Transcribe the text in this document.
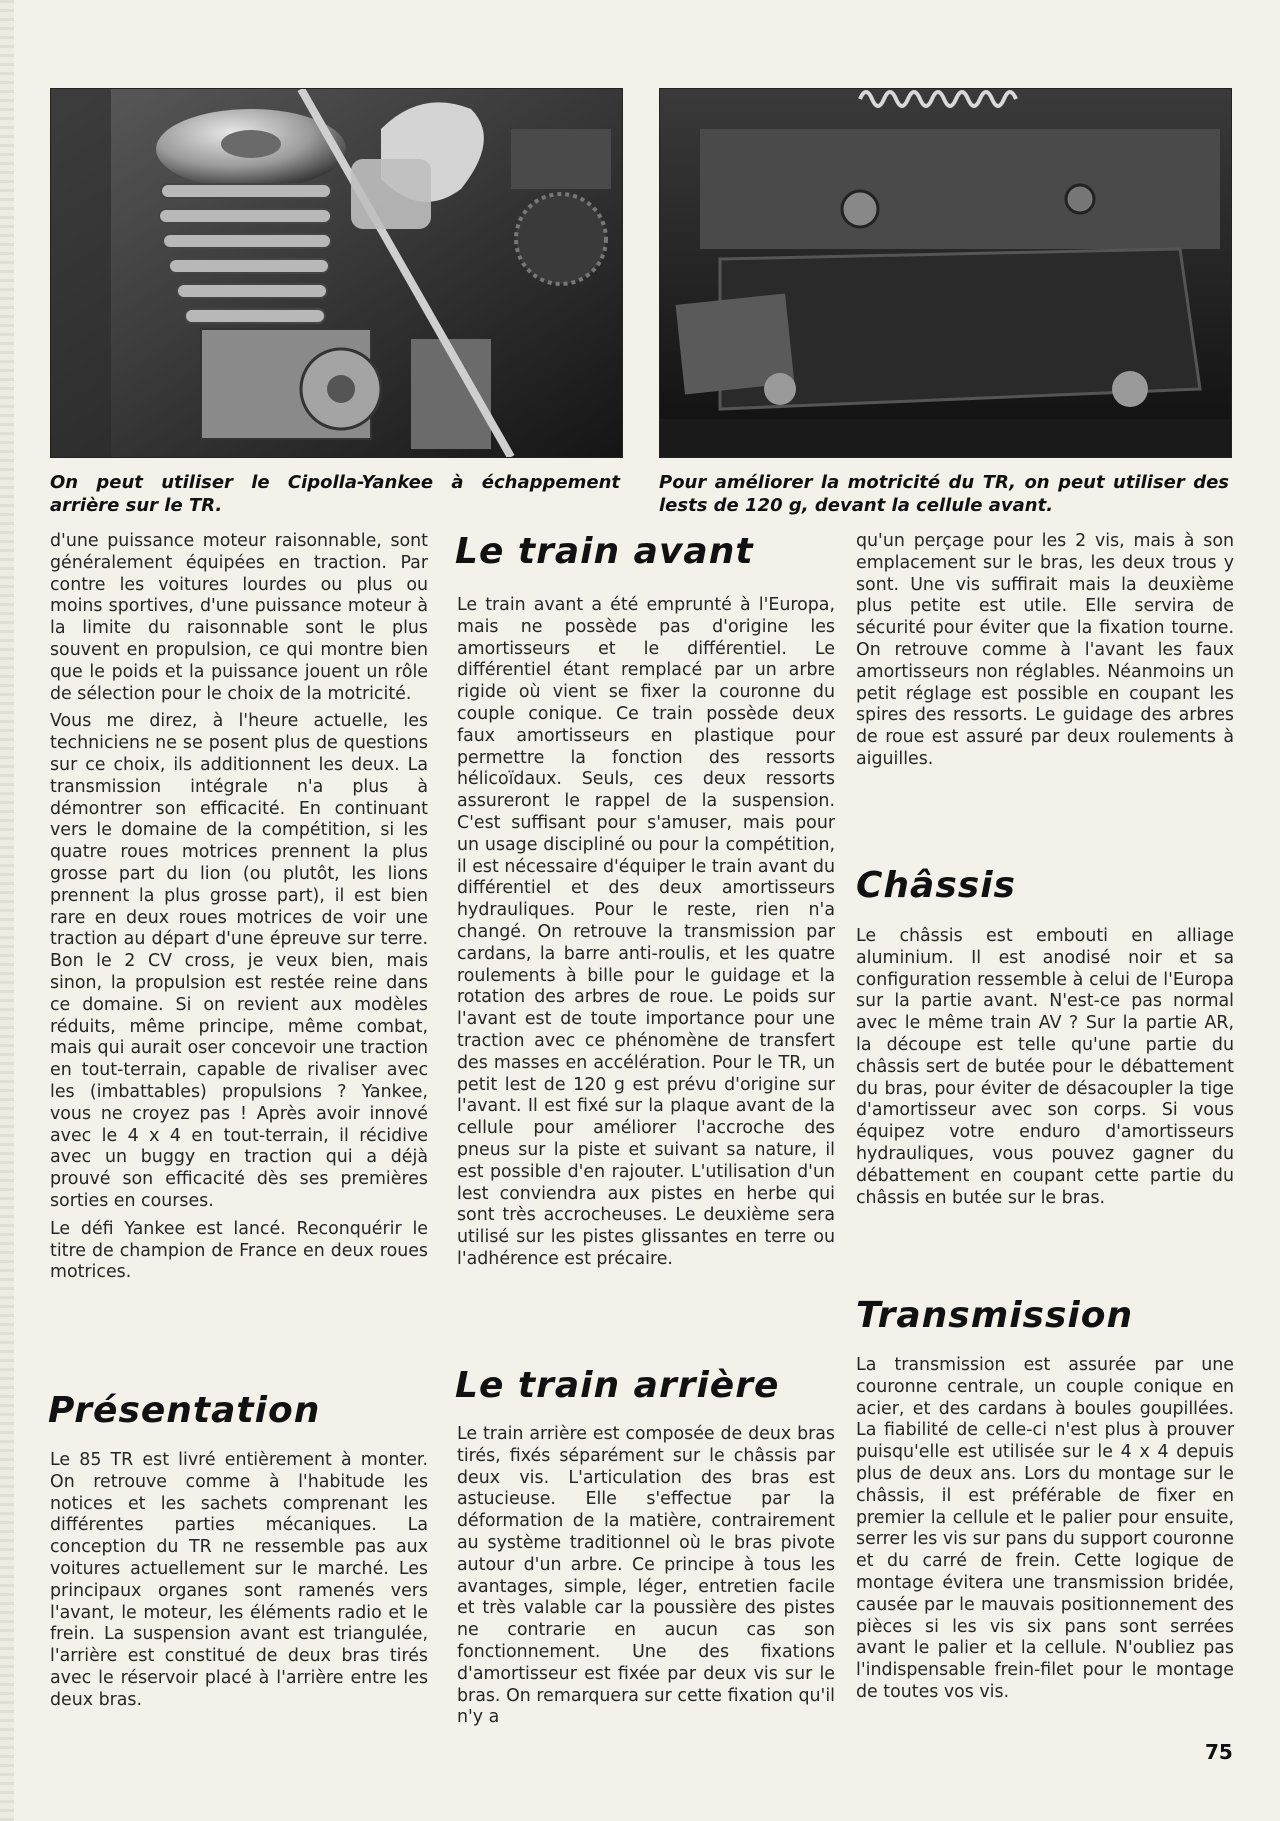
On peut utiliser le Cipolla-Yankee à échappement arrière sur le TR.

Pour améliorer la motricité du TR, on peut utiliser des lests de 120 g, devant la cellule avant.

d'une puissance moteur raisonnable, sont généralement équipées en traction. Par contre les voitures lourdes ou plus ou moins sportives, d'une puissance moteur à la limite du raisonnable sont le plus souvent en propulsion, ce qui montre bien que le poids et la puissance jouent un rôle de sélection pour le choix de la motricité.

Vous me direz, à l'heure actuelle, les techniciens ne se posent plus de questions sur ce choix, ils additionnent les deux. La transmission intégrale n'a plus à démontrer son efficacité. En continuant vers le domaine de la compétition, si les quatre roues motrices prennent la plus grosse part du lion (ou plutôt, les lions prennent la plus grosse part), il est bien rare en deux roues motrices de voir une traction au départ d'une épreuve sur terre. Bon le 2 CV cross, je veux bien, mais sinon, la propulsion est restée reine dans ce domaine. Si on revient aux modèles réduits, même principe, même combat, mais qui aurait oser concevoir une traction en tout-terrain, capable de rivaliser avec les (imbattables) propulsions ? Yankee, vous ne croyez pas ! Après avoir innové avec le 4 x 4 en tout-terrain, il récidive avec un buggy en traction qui a déjà prouvé son efficacité dès ses premières sorties en courses.

Le défi Yankee est lancé. Reconquérir le titre de champion de France en deux roues motrices.

Présentation

Le 85 TR est livré entièrement à monter. On retrouve comme à l'habitude les notices et les sachets comprenant les différentes parties mécaniques. La conception du TR ne ressemble pas aux voitures actuellement sur le marché. Les principaux organes sont ramenés vers l'avant, le moteur, les éléments radio et le frein. La suspension avant est triangulée, l'arrière est constitué de deux bras tirés avec le réservoir placé à l'arrière entre les deux bras.

Le train avant

Le train avant a été emprunté à l'Europa, mais ne possède pas d'origine les amortisseurs et le différentiel. Le différentiel étant remplacé par un arbre rigide où vient se fixer la couronne du couple conique. Ce train possède deux faux amortisseurs en plastique pour permettre la fonction des ressorts hélicoïdaux. Seuls, ces deux ressorts assureront le rappel de la suspension. C'est suffisant pour s'amuser, mais pour un usage discipliné ou pour la compétition, il est nécessaire d'équiper le train avant du différentiel et des deux amortisseurs hydrauliques. Pour le reste, rien n'a changé. On retrouve la transmission par cardans, la barre anti-roulis, et les quatre roulements à bille pour le guidage et la rotation des arbres de roue. Le poids sur l'avant est de toute importance pour une traction avec ce phénomène de transfert des masses en accélération. Pour le TR, un petit lest de 120 g est prévu d'origine sur l'avant. Il est fixé sur la plaque avant de la cellule pour améliorer l'accroche des pneus sur la piste et suivant sa nature, il est possible d'en rajouter. L'utilisation d'un lest conviendra aux pistes en herbe qui sont très accrocheuses. Le deuxième sera utilisé sur les pistes glissantes en terre ou l'adhérence est précaire.

Le train arrière

Le train arrière est composée de deux bras tirés, fixés séparément sur le châssis par deux vis. L'articulation des bras est astucieuse. Elle s'effectue par la déformation de la matière, contrairement au système traditionnel où le bras pivote autour d'un arbre. Ce principe à tous les avantages, simple, léger, entretien facile et très valable car la poussière des pistes ne contrarie en aucun cas son fonctionnement. Une des fixations d'amortisseur est fixée par deux vis sur le bras. On remarquera sur cette fixation qu'il n'y a

qu'un perçage pour les 2 vis, mais à son emplacement sur le bras, les deux trous y sont. Une vis suffirait mais la deuxième plus petite est utile. Elle servira de sécurité pour éviter que la fixation tourne. On retrouve comme à l'avant les faux amortisseurs non réglables. Néanmoins un petit réglage est possible en coupant les spires des ressorts. Le guidage des arbres de roue est assuré par deux roulements à aiguilles.

Châssis

Le châssis est embouti en alliage aluminium. Il est anodisé noir et sa configuration ressemble à celui de l'Europa sur la partie avant. N'est-ce pas normal avec le même train AV ? Sur la partie AR, la découpe est telle qu'une partie du châssis sert de butée pour le débattement du bras, pour éviter de désacoupler la tige d'amortisseur avec son corps. Si vous équipez votre enduro d'amortisseurs hydrauliques, vous pouvez gagner du débattement en coupant cette partie du châssis en butée sur le bras.

Transmission

La transmission est assurée par une couronne centrale, un couple conique en acier, et des cardans à boules goupillées. La fiabilité de celle-ci n'est plus à prouver puisqu'elle est utilisée sur le 4 x 4 depuis plus de deux ans. Lors du montage sur le châssis, il est préférable de fixer en premier la cellule et le palier pour ensuite, serrer les vis sur pans du support couronne et du carré de frein. Cette logique de montage évitera une transmission bridée, causée par le mauvais positionnement des pièces si les vis six pans sont serrées avant le palier et la cellule. N'oubliez pas l'indispensable frein-filet pour le montage de toutes vos vis.

75
